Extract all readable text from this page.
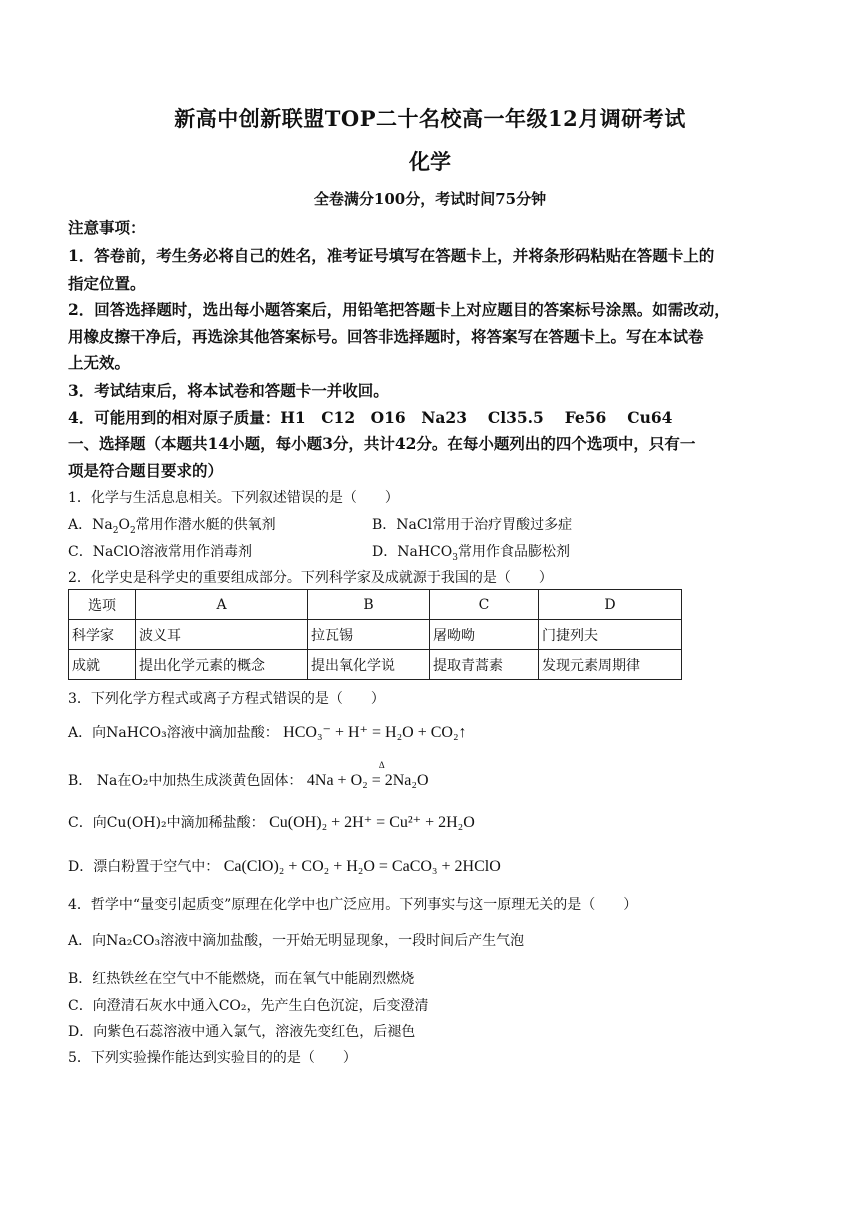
新高中创新联盟TOP二十名校高一年级12月调研考试
化学
全卷满分100分，考试时间75分钟
注意事项：
1．答卷前，考生务必将自己的姓名，准考证号填写在答题卡上，并将条形码粘贴在答题卡上的
指定位置。
2．回答选择题时，选出每小题答案后，用铅笔把答题卡上对应题目的答案标号涂黑。如需改动，
用橡皮擦干净后，再选涂其他答案标号。回答非选择题时，将答案写在答题卡上。写在本试卷
上无效。
3．考试结束后，将本试卷和答题卡一并收回。
4．可能用到的相对原子质量：H1　C12　O16　Na23　 Cl35.5　 Fe56　 Cu64
一、选择题（本题共14小题，每小题3分，共计42分。在每小题列出的四个选项中，只有一
项是符合题目要求的）
1．化学与生活息息相关。下列叙述错误的是（　　）
A．$Na_2O_2$常用作潜水艇的供氧剂	B．NaCl常用于治疗胃酸过多症
C．NaClO溶液常用作消毒剂	D．NaHCO$_3$常用作食品膨松剂
2．化学史是科学史的重要组成部分。下列科学家及成就源于我国的是（　　）
选项	A	B	C	D
科学家	波义耳	拉瓦锡	屠呦呦	门捷列夫
成就	提出化学元素的概念	提出氧化学说	提取青蒿素	发现元素周期律
3．下列化学方程式或离子方程式错误的是（　　）
A．向NaHCO₃溶液中滴加盐酸： HCO₃⁻ + H⁺ = H₂O + CO₂↑
B． Na在O₂中加热生成淡黄色固体： 4Na + O₂ = 2Na₂O
Δ
C．向Cu(OH)₂中滴加稀盐酸： Cu(OH)₂ + 2H⁺ = Cu²⁺ + 2H₂O
D．漂白粉置于空气中： Ca(ClO)₂ + CO₂ + H₂O = CaCO₃ + 2HClO
4．哲学中“量变引起质变”原理在化学中也广泛应用。下列事实与这一原理无关的是（　　）
A．向Na₂CO₃溶液中滴加盐酸，一开始无明显现象，一段时间后产生气泡
B．红热铁丝在空气中不能燃烧，而在氧气中能剧烈燃烧
C．向澄清石灰水中通入CO₂，先产生白色沉淀，后变澄清
D．向紫色石蕊溶液中通入氯气，溶液先变红色，后褪色
5．下列实验操作能达到实验目的的是（　　）
